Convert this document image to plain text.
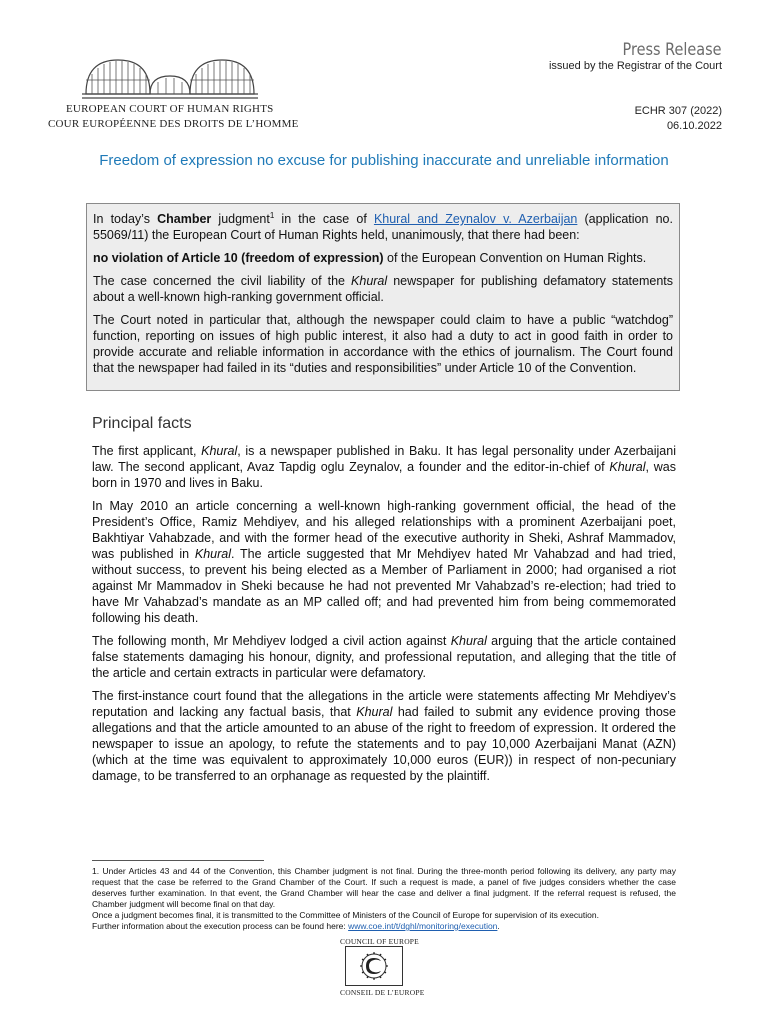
EUROPEAN COURT OF HUMAN RIGHTS
COUR EUROPÉENNE DES DROITS DE L’HOMME
Press Release
issued by the Registrar of the Court
ECHR 307 (2022)
06.10.2022
Freedom of expression no excuse for publishing inaccurate and unreliable information

In today’s Chamber judgment$^1$ in the case of Khural and Zeynalov v. Azerbaijan (application no. 55069/11) the European Court of Human Rights held, unanimously, that there had been:

no violation of Article 10 (freedom of expression) of the European Convention on Human Rights.

The case concerned the civil liability of the Khural newspaper for publishing defamatory statements about a well-known high-ranking government official.

The Court noted in particular that, although the newspaper could claim to have a public “watchdog” function, reporting on issues of high public interest, it also had a duty to act in good faith in order to provide accurate and reliable information in accordance with the ethics of journalism. The Court found that the newspaper had failed in its “duties and responsibilities” under Article 10 of the Convention.

Principal facts

The first applicant, Khural, is a newspaper published in Baku. It has legal personality under Azerbaijani law. The second applicant, Avaz Tapdig oglu Zeynalov, a founder and the editor-in-chief of Khural, was born in 1970 and lives in Baku.

In May 2010 an article concerning a well-known high-ranking government official, the head of the President’s Office, Ramiz Mehdiyev, and his alleged relationships with a prominent Azerbaijani poet, Bakhtiyar Vahabzade, and with the former head of the executive authority in Sheki, Ashraf Mammadov, was published in Khural. The article suggested that Mr Mehdiyev hated Mr Vahabzad and had tried, without success, to prevent his being elected as a Member of Parliament in 2000; had organised a riot against Mr Mammadov in Sheki because he had not prevented Mr Vahabzad’s re-election; had tried to have Mr Vahabzad’s mandate as an MP called off; and had prevented him from being commemorated following his death.

The following month, Mr Mehdiyev lodged a civil action against Khural arguing that the article contained false statements damaging his honour, dignity, and professional reputation, and alleging that the title of the article and certain extracts in particular were defamatory.

The first-instance court found that the allegations in the article were statements affecting Mr Mehdiyev’s reputation and lacking any factual basis, that Khural had failed to submit any evidence proving those allegations and that the article amounted to an abuse of the right to freedom of expression. It ordered the newspaper to issue an apology, to refute the statements and to pay 10,000 Azerbaijani Manat (AZN) (which at the time was equivalent to approximately 10,000 euros (EUR)) in respect of non-pecuniary damage, to be transferred to an orphanage as requested by the plaintiff.

1. Under Articles 43 and 44 of the Convention, this Chamber judgment is not final. During the three-month period following its delivery, any party may request that the case be referred to the Grand Chamber of the Court. If such a request is made, a panel of five judges considers whether the case deserves further examination. In that event, the Grand Chamber will hear the case and deliver a final judgment. If the referral request is refused, the Chamber judgment will become final on that day.

Once a judgment becomes final, it is transmitted to the Committee of Ministers of the Council of Europe for supervision of its execution.

Further information about the execution process can be found here: www.coe.int/t/dghl/monitoring/execution.

COUNCIL OF EUROPE
CONSEIL DE L’EUROPE
